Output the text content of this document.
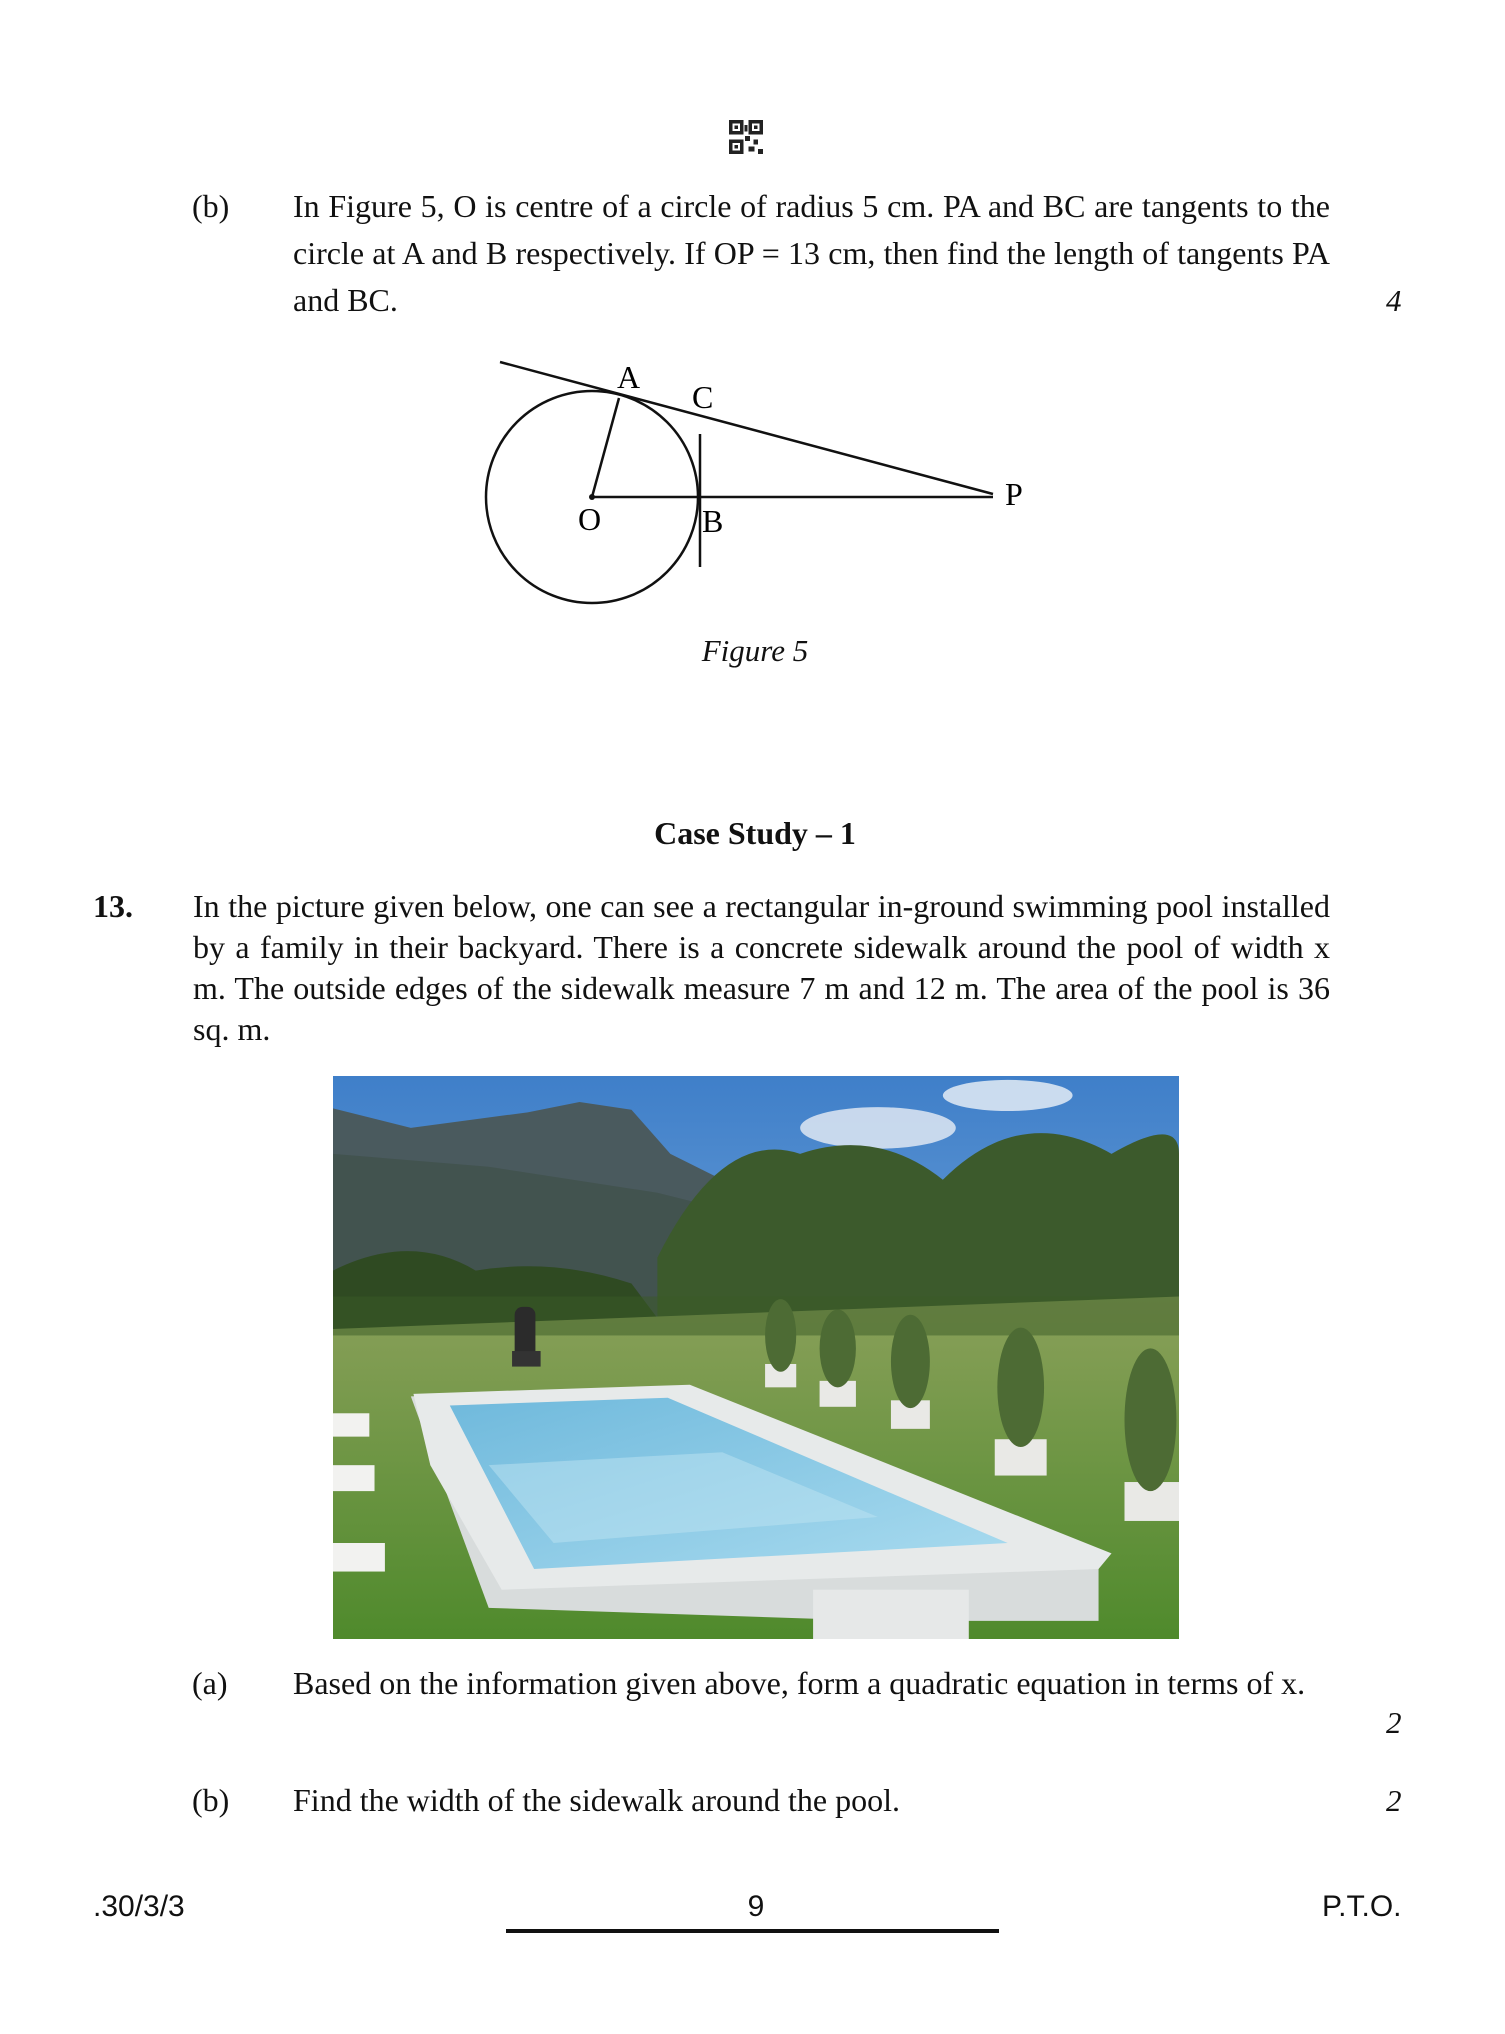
(b) In Figure 5, O is centre of a circle of radius 5 cm. PA and BC are tangents to the circle at A and B respectively. If OP = 13 cm, then find the length of tangents PA and BC.	4
A
C
O	B
P
Figure 5
Case Study – 1
13. In the picture given below, one can see a rectangular in-ground swimming pool installed by a family in their backyard. There is a concrete sidewalk around the pool of width x m. The outside edges of the sidewalk measure 7 m and 12 m. The area of the pool is 36 sq. m.
(a) Based on the information given above, form a quadratic equation in terms of x.
2
(b) Find the width of the sidewalk around the pool.	2
.30/3/3	9	P.T.O.
